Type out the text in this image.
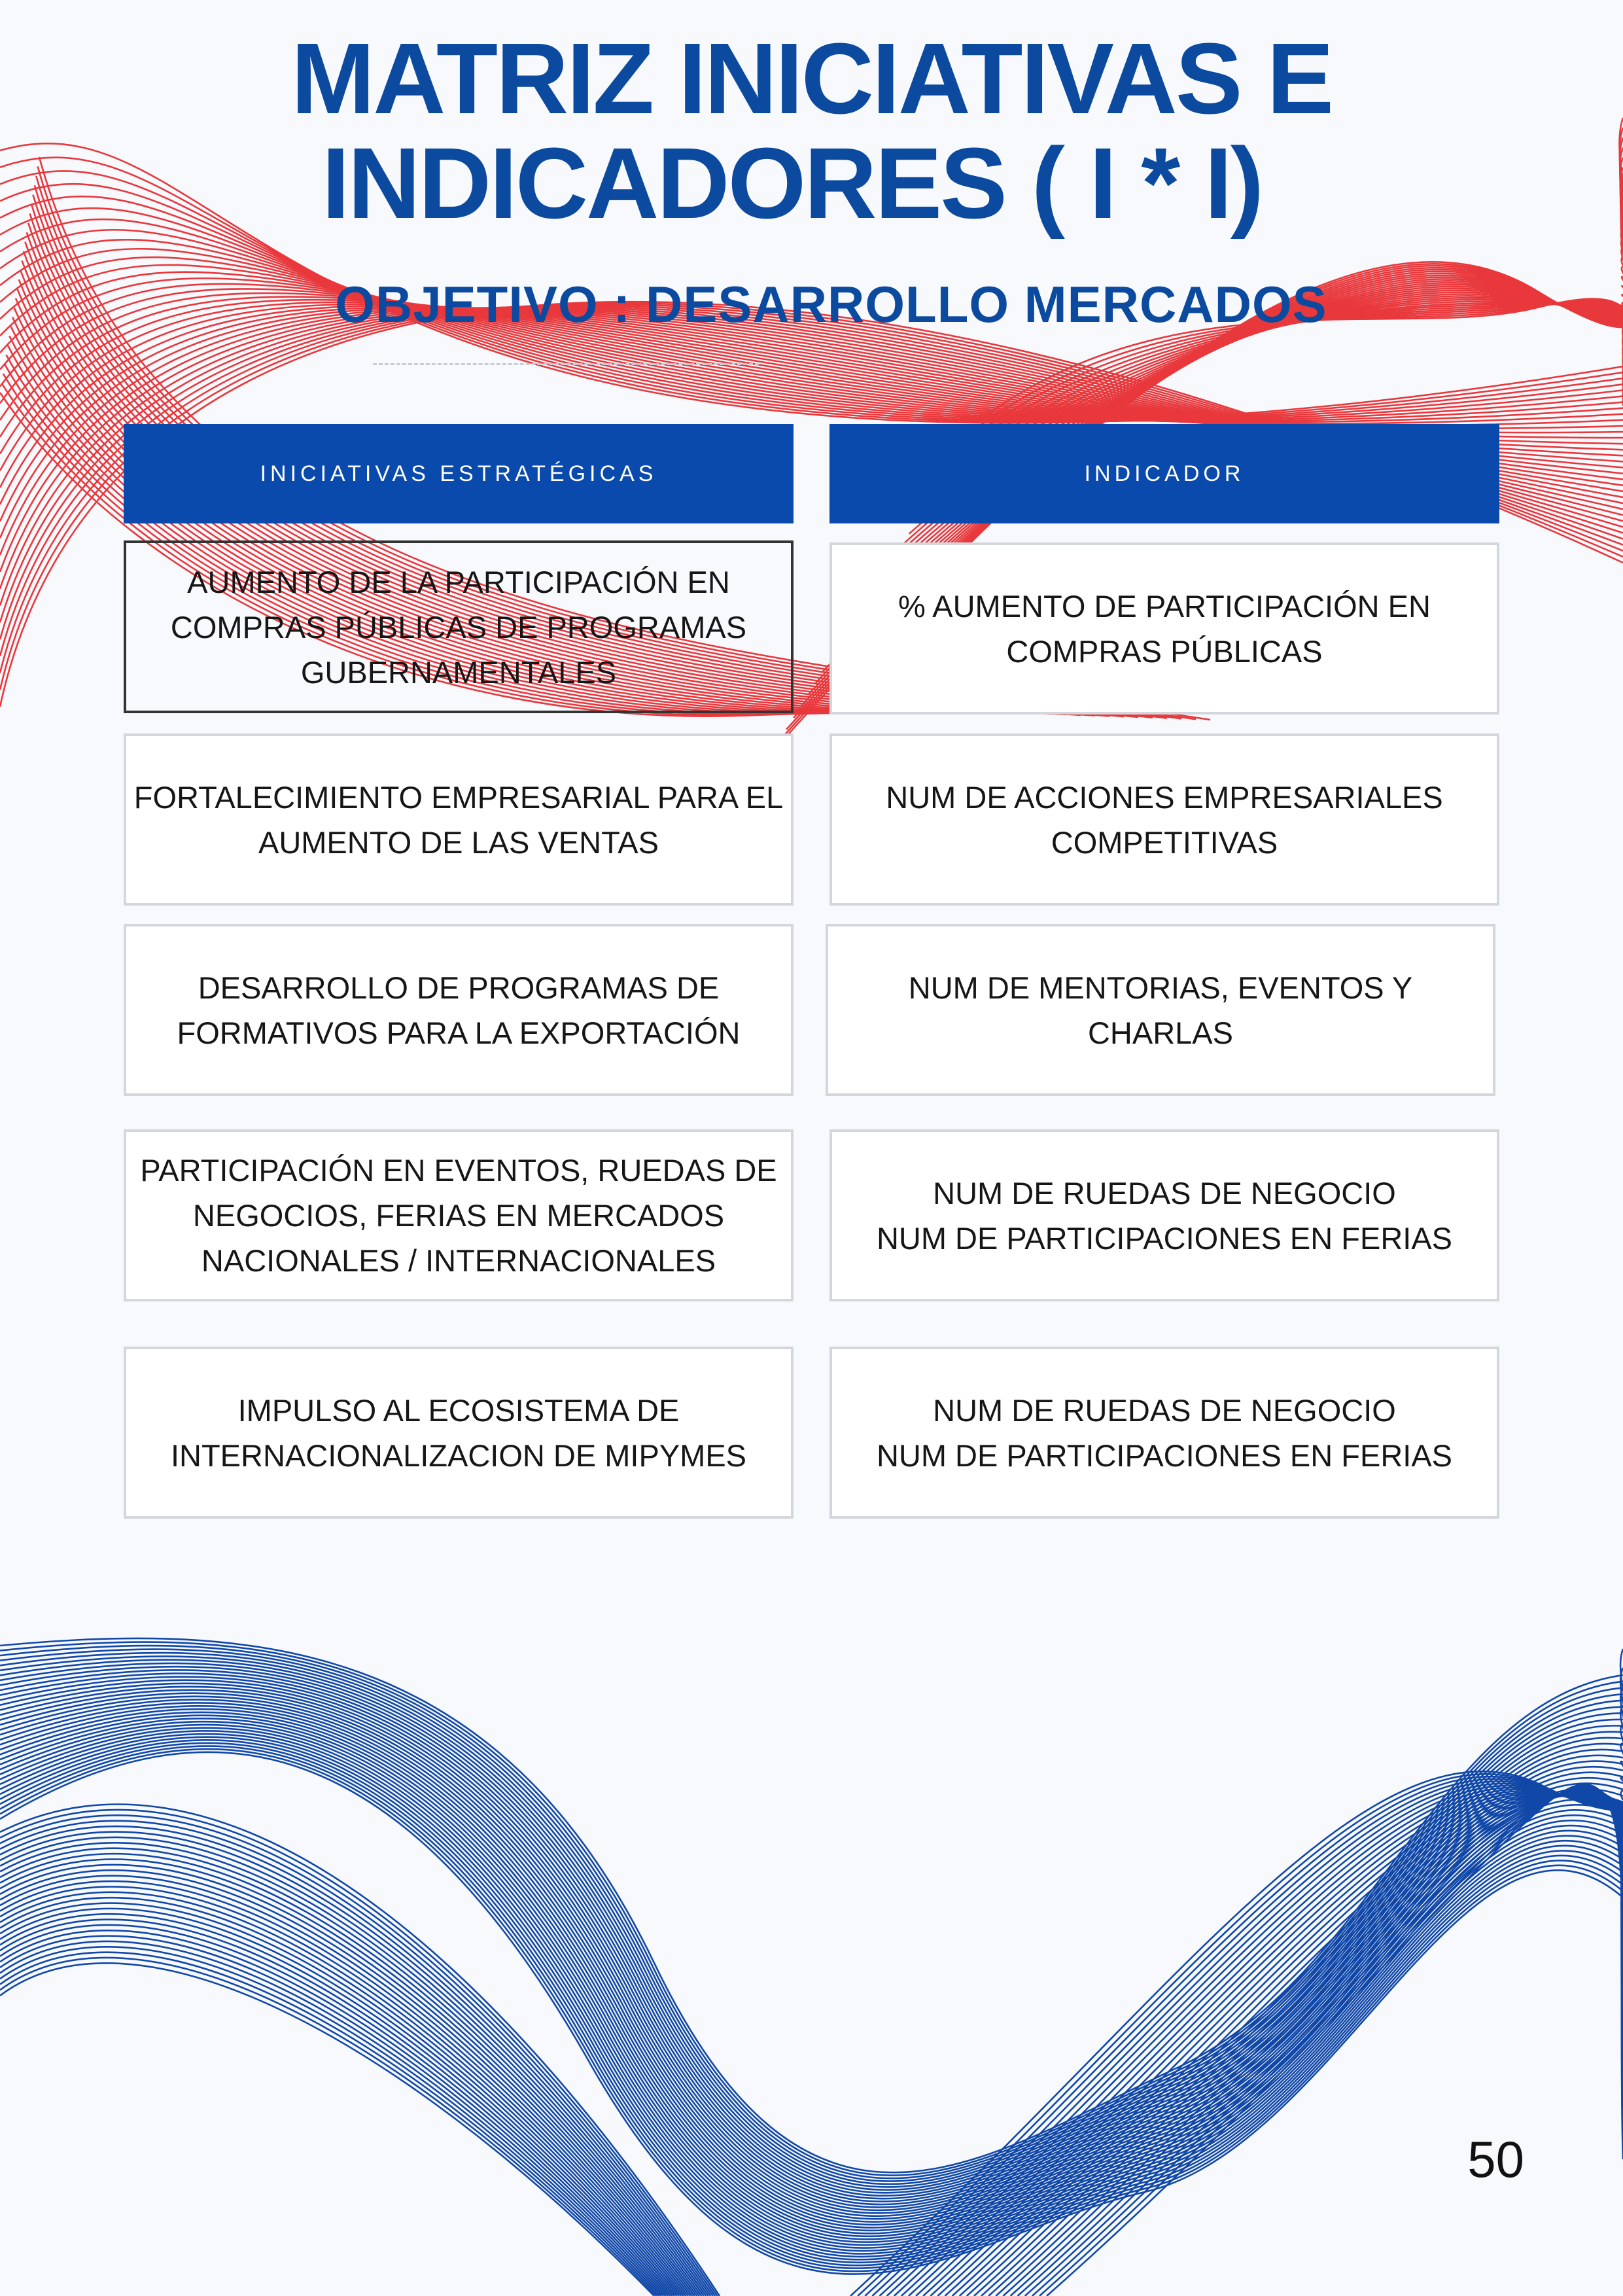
MATRIZ INICIATIVAS E
INDICADORES ( I * I)
OBJETIVO : DESARROLLO MERCADOS
INICIATIVAS ESTRATÉGICAS	INDICADOR
AUMENTO DE LA PARTICIPACIÓN EN
COMPRAS PÚBLICAS DE PROGRAMAS
GUBERNAMENTALES
% AUMENTO DE PARTICIPACIÓN EN
COMPRAS PÚBLICAS
FORTALECIMIENTO EMPRESARIAL PARA EL
AUMENTO DE LAS VENTAS
NUM DE ACCIONES EMPRESARIALES
COMPETITIVAS
DESARROLLO DE PROGRAMAS DE
FORMATIVOS PARA LA EXPORTACIÓN
NUM DE MENTORIAS, EVENTOS Y
CHARLAS
PARTICIPACIÓN EN EVENTOS, RUEDAS DE
NEGOCIOS, FERIAS EN MERCADOS
NACIONALES / INTERNACIONALES
NUM DE RUEDAS DE NEGOCIO
NUM DE PARTICIPACIONES EN FERIAS
IMPULSO AL ECOSISTEMA DE
INTERNACIONALIZACION DE MIPYMES
NUM DE RUEDAS DE NEGOCIO
NUM DE PARTICIPACIONES EN FERIAS
50
